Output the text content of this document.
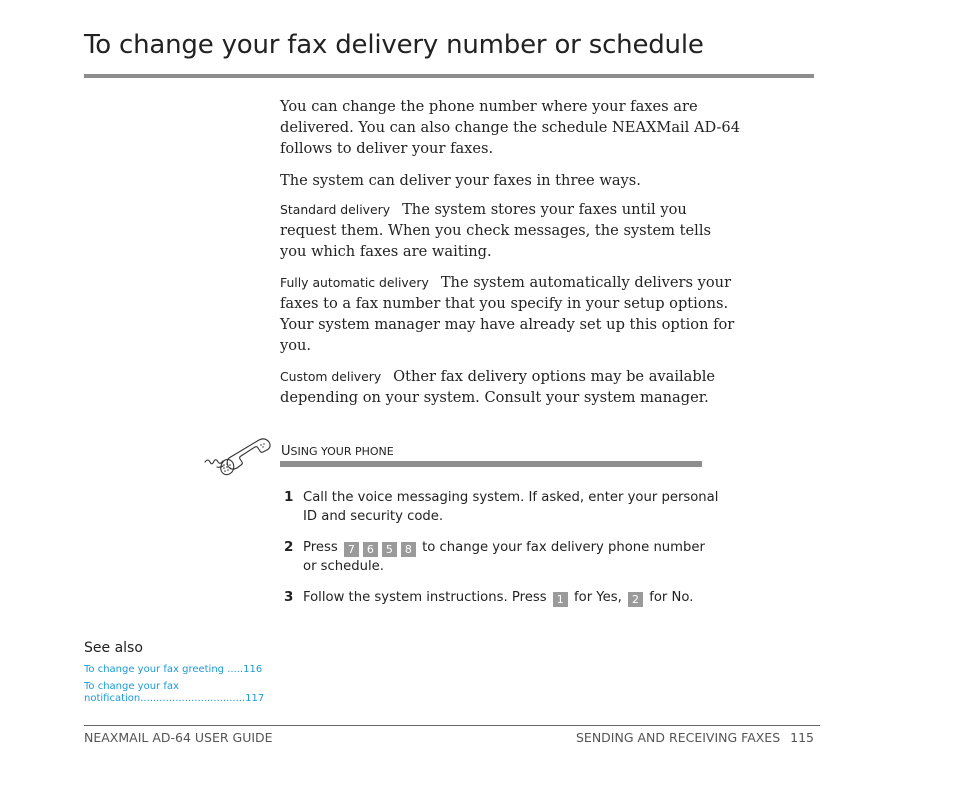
To change your fax delivery number or schedule

You can change the phone number where your faxes are delivered. You can also change the schedule NEAXMail AD-64 follows to deliver your faxes.

The system can deliver your faxes in three ways.

Standard delivery The system stores your faxes until you request them. When you check messages, the system tells you which faxes are waiting.

Fully automatic delivery The system automatically delivers your faxes to a fax number that you specify in your setup options. Your system manager may have already set up this option for you.

Custom delivery Other fax delivery options may be available depending on your system. Consult your system manager.

USING YOUR PHONE
1 Call the voice messaging system. If asked, enter your personal ID and security code.
2 Press 7 6 5 8 to change your fax delivery phone number or schedule.
3 Follow the system instructions. Press 1 for Yes, 2 for No.
See also
To change your fax greeting .....116
To change your fax
notification.................................117
NEAXMAIL AD-64 USER GUIDE	SENDING AND RECEIVING FAXES 115
